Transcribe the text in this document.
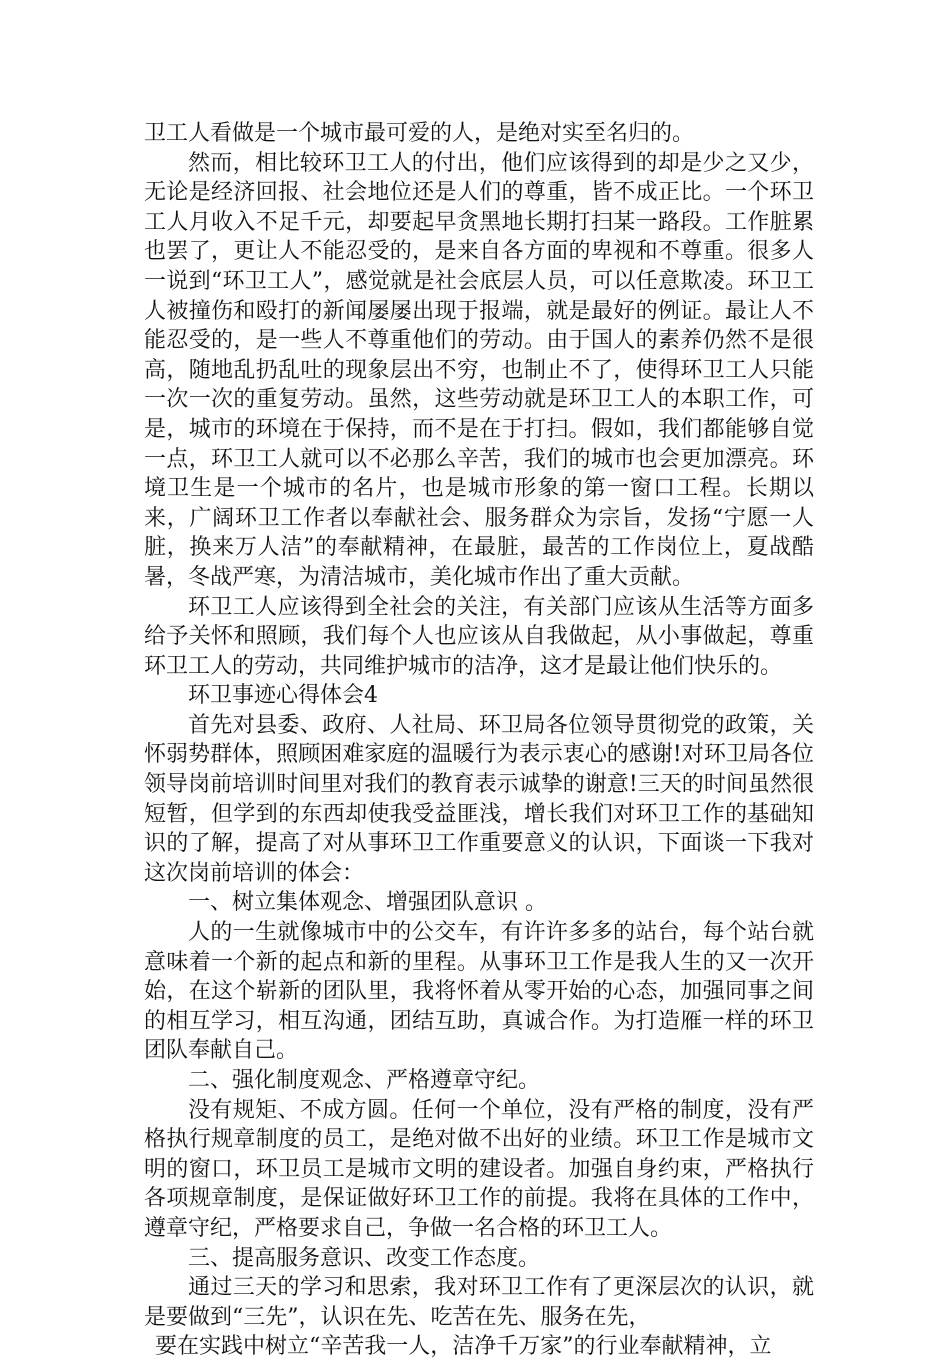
卫工人看做是一个城市最可爱的人，是绝对实至名归的。

然而，相比较环卫工人的付出，他们应该得到的却是少之又少，无论是经济回报、社会地位还是人们的尊重，皆不成正比。一个环卫工人月收入不足千元，却要起早贪黑地长期打扫某一路段。工作脏累也罢了，更让人不能忍受的，是来自各方面的卑视和不尊重。很多人一说到“环卫工人”，感觉就是社会底层人员，可以任意欺凌。环卫工人被撞伤和殴打的新闻屡屡出现于报端，就是最好的例证。最让人不能忍受的，是一些人不尊重他们的劳动。由于国人的素养仍然不是很高，随地乱扔乱吐的现象层出不穷，也制止不了，使得环卫工人只能一次一次的重复劳动。虽然，这些劳动就是环卫工人的本职工作，可是，城市的环境在于保持，而不是在于打扫。假如，我们都能够自觉一点，环卫工人就可以不必那么辛苦，我们的城市也会更加漂亮。环境卫生是一个城市的名片，也是城市形象的第一窗口工程。长期以来，广阔环卫工作者以奉献社会、服务群众为宗旨，发扬“宁愿一人脏，换来万人洁”的奉献精神，在最脏，最苦的工作岗位上，夏战酷暑，冬战严寒，为清洁城市，美化城市作出了重大贡献。

环卫工人应该得到全社会的关注，有关部门应该从生活等方面多给予关怀和照顾，我们每个人也应该从自我做起，从小事做起，尊重环卫工人的劳动，共同维护城市的洁净，这才是最让他们快乐的。

环卫事迹心得体会4

首先对县委、政府、人社局、环卫局各位领导贯彻党的政策，关怀弱势群体，照顾困难家庭的温暖行为表示衷心的感谢!对环卫局各位领导岗前培训时间里对我们的教育表示诚挚的谢意!三天的时间虽然很短暂，但学到的东西却使我受益匪浅，增长我们对环卫工作的基础知识的了解，提高了对从事环卫工作重要意义的认识，下面谈一下我对这次岗前培训的体会：

一、树立集体观念、增强团队意识 。

人的一生就像城市中的公交车，有许许多多的站台，每个站台就意味着一个新的起点和新的里程。从事环卫工作是我人生的又一次开始，在这个崭新的团队里，我将怀着从零开始的心态，加强同事之间的相互学习，相互沟通，团结互助，真诚合作。为打造雁一样的环卫团队奉献自己。

二、强化制度观念、严格遵章守纪。

没有规矩、不成方圆。任何一个单位，没有严格的制度，没有严格执行规章制度的员工，是绝对做不出好的业绩。环卫工作是城市文明的窗口，环卫员工是城市文明的建设者。加强自身约束，严格执行各项规章制度，是保证做好环卫工作的前提。我将在具体的工作中，遵章守纪，严格要求自己，争做一名合格的环卫工人。

三、提高服务意识、改变工作态度。

通过三天的学习和思索，我对环卫工作有了更深层次的认识，就是要做到“三先”，认识在先、吃苦在先、服务在先，

要在实践中树立“辛苦我一人，洁净千万家”的行业奉献精神，立
